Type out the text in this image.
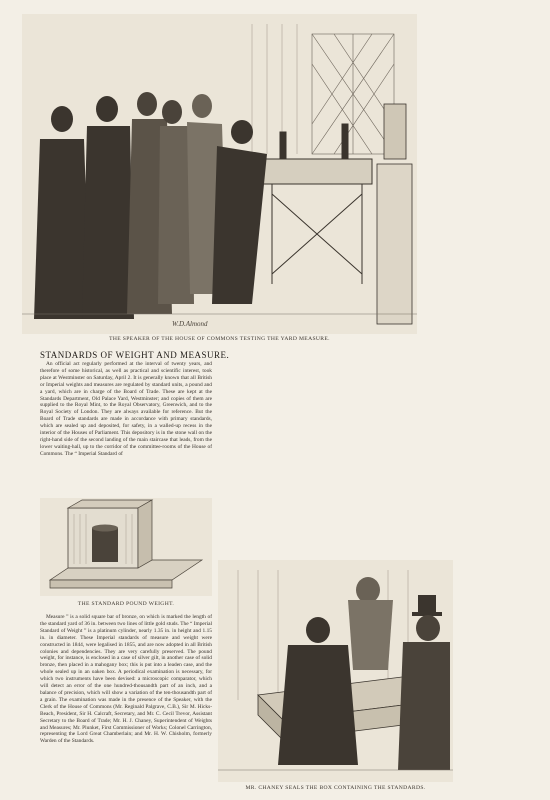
W.D.Almond
THE SPEAKER OF THE HOUSE OF COMMONS TESTING THE YARD MEASURE.
STANDARDS OF WEIGHT AND MEASURE.

An official act regularly performed at the interval of twenty years, and therefore of some historical, as well as practical and scientific interest, took place at Westminster on Saturday, April 2. It is generally known that all British or Imperial weights and measures are regulated by standard units, a pound and a yard, which are in charge of the Board of Trade. These are kept at the Standards Department, Old Palace Yard, Westminster; and copies of them are supplied to the Royal Mint, to the Royal Observatory, Greenwich, and to the Royal Society of London. They are always available for reference. But the Board of Trade standards are made in accordance with primary standards, which are sealed up and deposited, for safety, in a walled-up recess in the interior of the Houses of Parliament. This depository is in the stone wall on the right-hand side of the second landing of the main staircase that leads, from the lower waiting-hall, up to the corridor of the committee-rooms of the House of Commons. The “ Imperial Standard of

THE STANDARD POUND WEIGHT.

Measure ” is a solid square bar of bronze, on which is marked the length of the standard yard of 36 in. between two lines of little gold studs. The “ Imperial Standard of Weight ” is a platinum cylinder, nearly 1.35 in. in height and 1.15 in. in diameter. These Imperial standards of measure and weight were constructed in 1844, were legalised in 1855, and are now adopted in all British colonies and dependencies. They are very carefully preserved. The pound weight, for instance, is enclosed in a case of silver gilt, in another case of solid bronze, then placed in a mahogany box; this is put into a leaden case, and the whole sealed up in an oaken box. A periodical examination is necessary, for which two instruments have been devised: a microscopic comparator, which will detect an error of the one hundred-thousandth part of an inch, and a balance of precision, which will show a variation of the ten-thousandth part of a grain. The examination was made in the presence of the Speaker, with the Clerk of the House of Commons (Mr. Reginald Palgrave, C.B.), Sir M. Hicks-Beach, President, Sir H. Calcraft, Secretary, and Mr. C. Cecil Trevor, Assistant Secretary to the Board of Trade; Mr. H. J. Chaney, Superintendent of Weights and Measures; Mr. Plunket, First Commissioner of Works; Colonel Carrington, representing the Lord Great Chamberlain; and Mr. H. W. Chisholm, formerly Warden of the Standards.

MR. CHANEY SEALS THE BOX CONTAINING THE STANDARDS.
